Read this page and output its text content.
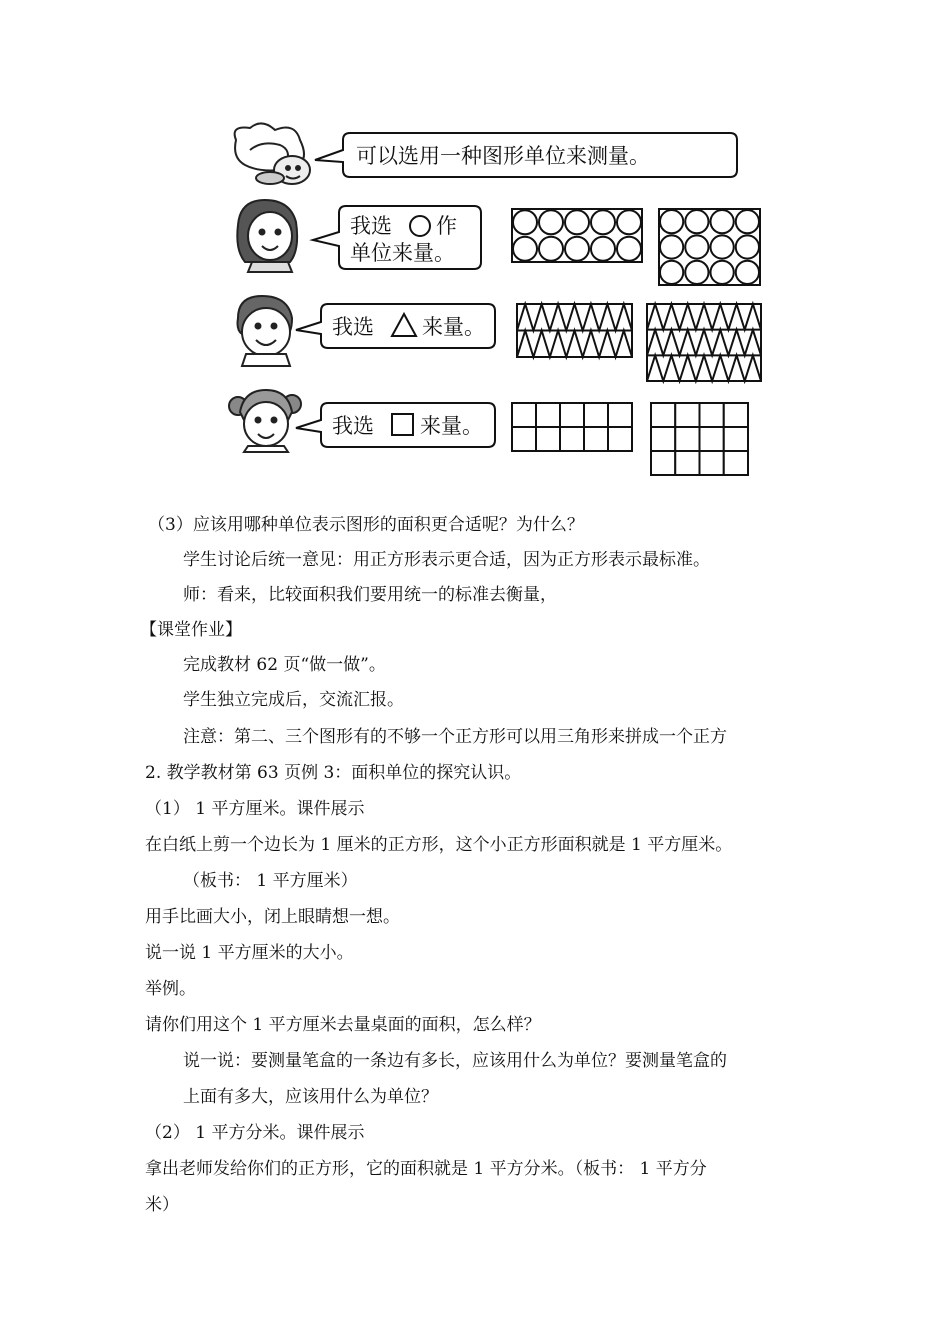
可以选用一种图形单位来测量。
我选 作
单位来量。
我选 来量。
我选 来量。
（3）应该用哪种单位表示图形的面积更合适呢？为什么？
学生讨论后统一意见：用正方形表示更合适，因为正方形表示最标准。
师：看来，比较面积我们要用统一的标准去衡量，
【课堂作业】
完成教材 62 页“做一做”。
学生独立完成后，交流汇报。
注意：第二、三个图形有的不够一个正方形可以用三角形来拼成一个正方
2. 教学教材第 63 页例 3：面积单位的探究认识。
（1） 1 平方厘米。课件展示
在白纸上剪一个边长为 1 厘米的正方形，这个小正方形面积就是 1 平方厘米。
（板书： 1 平方厘米）
用手比画大小，闭上眼睛想一想。
说一说 1 平方厘米的大小。
举例。
请你们用这个 1 平方厘米去量桌面的面积，怎么样？
说一说：要测量笔盒的一条边有多长，应该用什么为单位？要测量笔盒的
上面有多大，应该用什么为单位？
（2） 1 平方分米。课件展示
拿出老师发给你们的正方形，它的面积就是 1 平方分米。（板书： 1 平方分
米）
